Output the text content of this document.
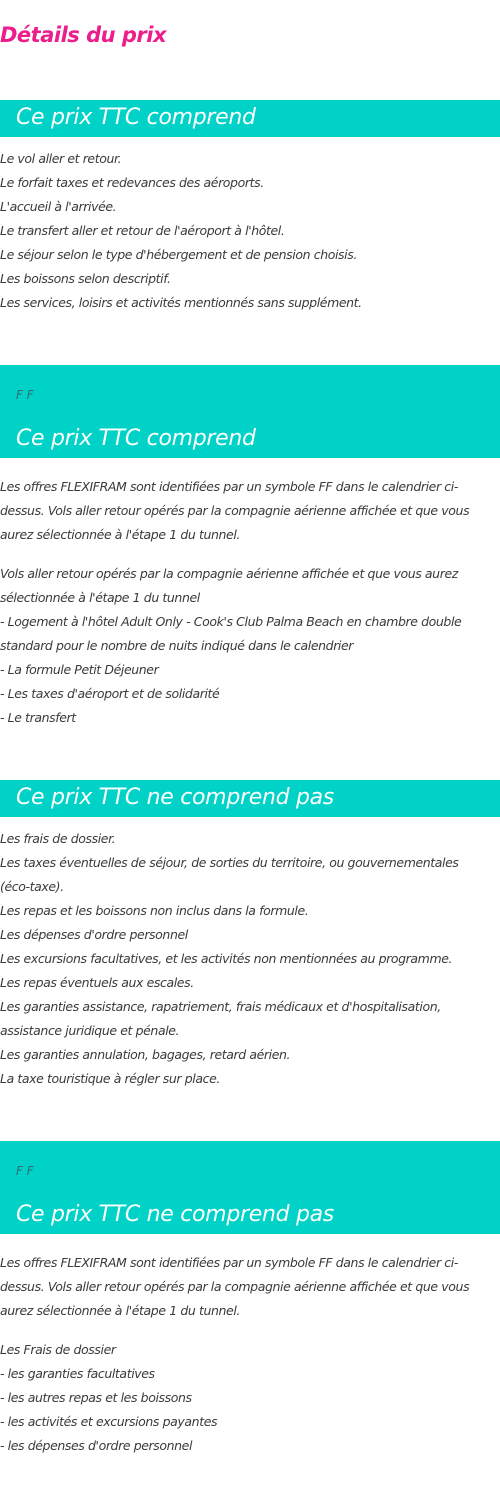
Détails du prix
Ce prix TTC comprend
Le vol aller et retour.
Le forfait taxes et redevances des aéroports.
L'accueil à l'arrivée.
Le transfert aller et retour de l'aéroport à l'hôtel.
Le séjour selon le type d'hébergement et de pension choisis.
Les boissons selon descriptif.
Les services, loisirs et activités mentionnés sans supplément.
F F
Ce prix TTC comprend

Les offres FLEXIFRAM sont identifiées par un symbole FF dans le calendrier ci-dessus. Vols aller retour opérés par la compagnie aérienne affichée et que vous aurez sélectionnée à l'étape 1 du tunnel.

Vols aller retour opérés par la compagnie aérienne affichée et que vous aurez
sélectionnée à l'étape 1 du tunnel
- Logement à l'hôtel Adult Only - Cook's Club Palma Beach en chambre double
standard pour le nombre de nuits indiqué dans le calendrier
- La formule Petit Déjeuner
- Les taxes d'aéroport et de solidarité
- Le transfert
Ce prix TTC ne comprend pas
Les frais de dossier.
Les taxes éventuelles de séjour, de sorties du territoire, ou gouvernementales
(éco-taxe).
Les repas et les boissons non inclus dans la formule.
Les dépenses d'ordre personnel
Les excursions facultatives, et les activités non mentionnées au programme.
Les repas éventuels aux escales.
Les garanties assistance, rapatriement, frais médicaux et d'hospitalisation,
assistance juridique et pénale.
Les garanties annulation, bagages, retard aérien.
La taxe touristique à régler sur place.
F F
Ce prix TTC ne comprend pas

Les offres FLEXIFRAM sont identifiées par un symbole FF dans le calendrier ci-dessus. Vols aller retour opérés par la compagnie aérienne affichée et que vous aurez sélectionnée à l'étape 1 du tunnel.

Les Frais de dossier
- les garanties facultatives
- les autres repas et les boissons
- les activités et excursions payantes
- les dépenses d'ordre personnel
